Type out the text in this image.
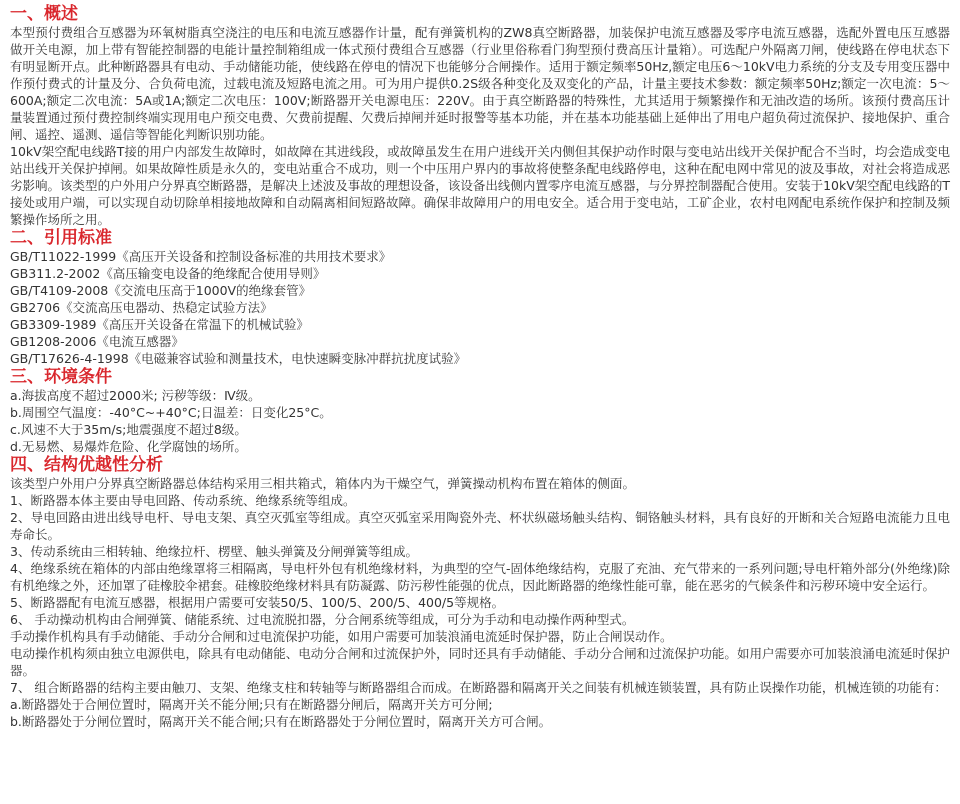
一、概述

本型预付费组合互感器为环氧树脂真空浇注的电压和电流互感器作计量，配有弹簧机构的ZW8真空断路器，加装保护电流互感器及零序电流互感器，选配外置电压互感器做开关电源，加上带有智能控制器的电能计量控制箱组成一体式预付费组合互感器（行业里俗称看门狗型预付费高压计量箱）。可选配户外隔离刀闸，使线路在停电状态下有明显断开点。此种断路器具有电动、手动储能功能，使线路在停电的情况下也能够分合闸操作。适用于额定频率50Hz,额定电压6～10kV电力系统的分支及专用变压器中作预付费式的计量及分、合负荷电流，过载电流及短路电流之用。可为用户提供0.2S级各种变化及双变化的产品，计量主要技术参数：额定频率50Hz;额定一次电流：5～600A;额定二次电流：5A或1A;额定二次电压：100V;断路器开关电源电压：220V。由于真空断路器的特殊性，尤其适用于频繁操作和无油改造的场所。该预付费高压计量装置通过预付费控制终端实现用电户预交电费、欠费前提醒、欠费后掉闸并延时报警等基本功能，并在基本功能基础上延伸出了用电户超负荷过流保护、接地保护、重合闸、遥控、遥测、遥信等智能化判断识别功能。

10kV架空配电线路T接的用户内部发生故障时，如故障在其进线段，或故障虽发生在用户进线开关内侧但其保护动作时限与变电站出线开关保护配合不当时，均会造成变电站出线开关保护掉闸。如果故障性质是永久的，变电站重合不成功，则一个中压用户界内的事故将使整条配电线路停电，这种在配电网中常见的波及事故，对社会将造成恶劣影响。该类型的户外用户分界真空断路器，是解决上述波及事故的理想设备，该设备出线侧内置零序电流互感器，与分界控制器配合使用。安装于10kV架空配电线路的T接处或用户端，可以实现自动切除单相接地故障和自动隔离相间短路故障。确保非故障用户的用电安全。适合用于变电站，工矿企业，农村电网配电系统作保护和控制及频繁操作场所之用。

二、引用标准

GB/T11022-1999《高压开关设备和控制设备标准的共用技术要求》

GB311.2-2002《高压输变电设备的绝缘配合使用导则》

GB/T4109-2008《交流电压高于1000V的绝缘套管》

GB2706《交流高压电器动、热稳定试验方法》

GB3309-1989《高压开关设备在常温下的机械试验》

GB1208-2006《电流互感器》

GB/T17626-4-1998《电磁兼容试验和测量技术，电快速瞬变脉冲群抗扰度试验》

三、环境条件

a.海拔高度不超过2000米; 污秽等级：Ⅳ级。

b.周围空气温度：-40°C~+40°C;日温差：日变化25°C。

c.风速不大于35m/s;地震强度不超过8级。

d.无易燃、易爆炸危险、化学腐蚀的场所。

四、结构优越性分析

该类型户外用户分界真空断路器总体结构采用三相共箱式，箱体内为干燥空气，弹簧操动机构布置在箱体的侧面。

1、断路器本体主要由导电回路、传动系统、绝缘系统等组成。

2、导电回路由进出线导电杆、导电支架、真空灭弧室等组成。真空灭弧室采用陶瓷外壳、杯状纵磁场触头结构、铜铬触头材料，具有良好的开断和关合短路电流能力且电寿命长。

3、传动系统由三相转轴、绝缘拉杆、楞壁、触头弹簧及分闸弹簧等组成。

4、绝缘系统在箱体的内部由绝缘罩将三相隔离，导电杆外包有机绝缘材料，为典型的空气-固体绝缘结构，克服了充油、充气带来的一系列问题;导电杆箱外部分(外绝缘)除有机绝缘之外，还加罩了硅橡胶伞裙套。硅橡胶绝缘材料具有防凝露、防污秽性能强的优点，因此断路器的绝缘性能可靠，能在恶劣的气候条件和污秽环境中安全运行。

5、断路器配有电流互感器，根据用户需要可安装50/5、100/5、200/5、400/5等规格。

6、 手动操动机构由合闸弹簧、储能系统、过电流脱扣器，分合闸系统等组成，可分为手动和电动操作两种型式。

手动操作机构具有手动储能、手动分合闸和过电流保护功能，如用户需要可加装浪涌电流延时保护器，防止合闸误动作。

电动操作机构须由独立电源供电，除具有电动储能、电动分合闸和过流保护外，同时还具有手动储能、手动分合闸和过流保护功能。如用户需要亦可加装浪涌电流延时保护器。

7、 组合断路器的结构主要由触刀、支架、绝缘支柱和转轴等与断路器组合而成。在断路器和隔离开关之间装有机械连锁装置，具有防止误操作功能，机械连锁的功能有：

a.断路器处于合闸位置时，隔离开关不能分闸;只有在断路器分闸后，隔离开关方可分闸;

b.断路器处于分闸位置时，隔离开关不能合闸;只有在断路器处于分闸位置时，隔离开关方可合闸。
